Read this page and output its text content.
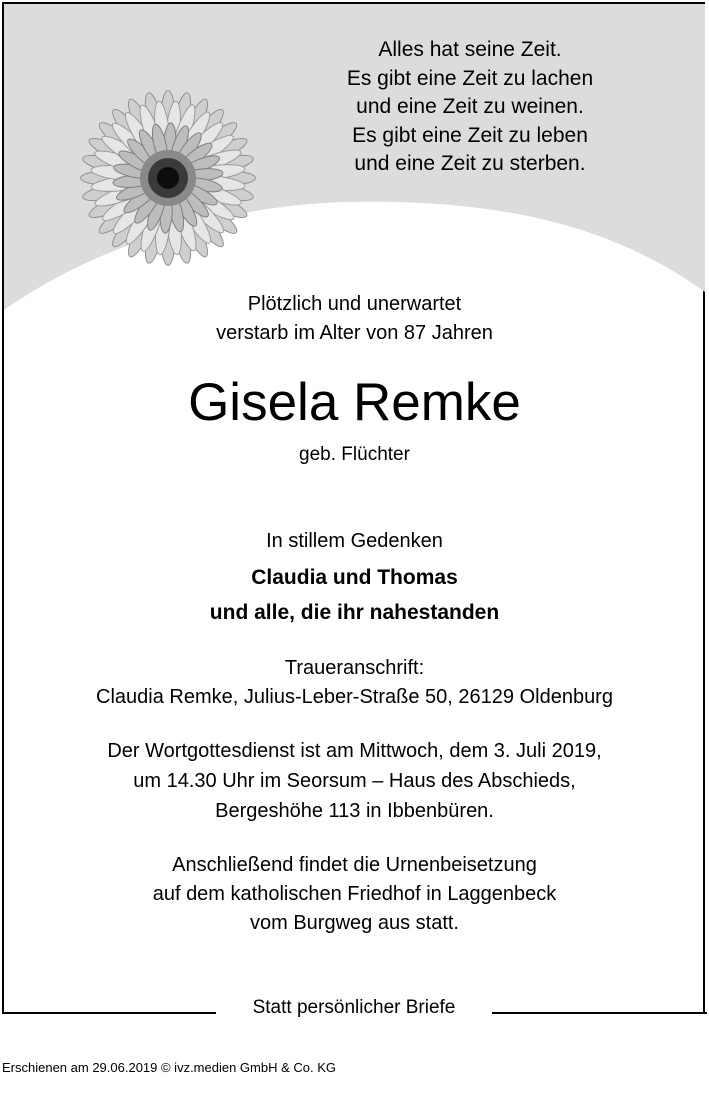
Alles hat seine Zeit.
Es gibt eine Zeit zu lachen
und eine Zeit zu weinen.
Es gibt eine Zeit zu leben
und eine Zeit zu sterben.
Plötzlich und unerwartet
verstarb im Alter von 87 Jahren
Gisela Remke
geb. Flüchter
In stillem Gedenken
Claudia und Thomas
und alle, die ihr nahestanden
Traueranschrift:
Claudia Remke, Julius-Leber-Straße 50, 26129 Oldenburg
Der Wortgottesdienst ist am Mittwoch, dem 3. Juli 2019,
um 14.30 Uhr im Seorsum – Haus des Abschieds,
Bergeshöhe 113 in Ibbenbüren.
Anschließend findet die Urnenbeisetzung
auf dem katholischen Friedhof in Laggenbeck
vom Burgweg aus statt.
Statt persönlicher Briefe
Erschienen am 29.06.2019 © ivz.medien GmbH & Co. KG
